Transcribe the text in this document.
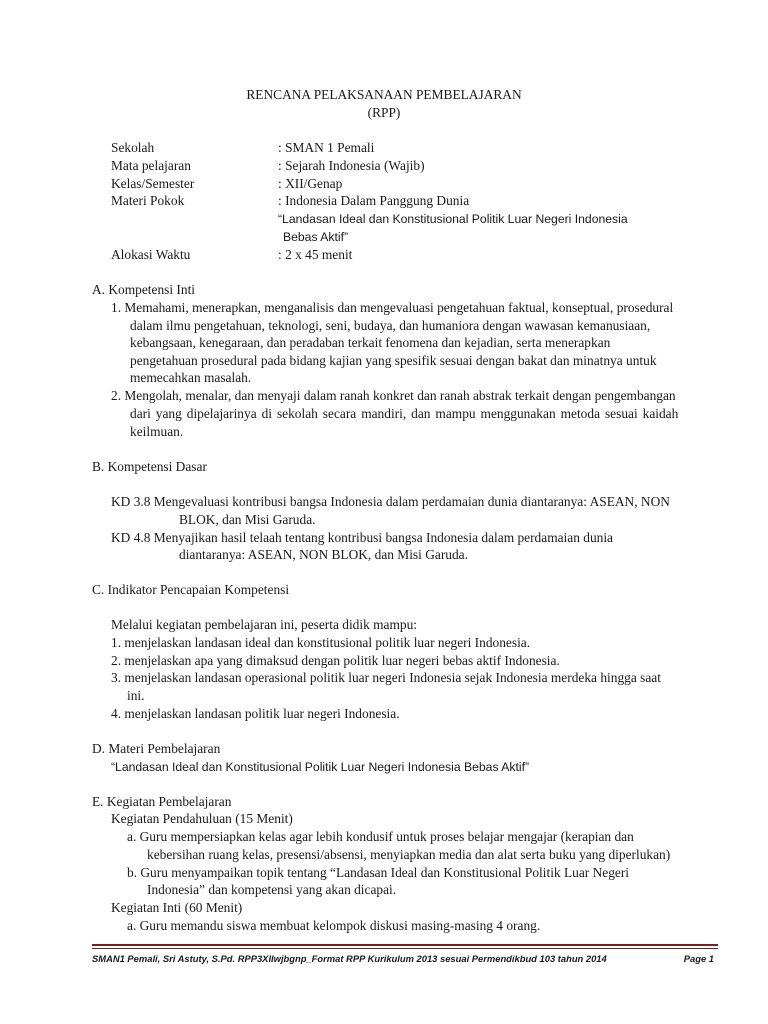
RENCANA PELAKSANAAN PEMBELAJARAN
(RPP)
Sekolah	: SMAN 1 Pemali
Mata pelajaran	: Sejarah Indonesia (Wajib)
Kelas/Semester	: XII/Genap
Materi Pokok	: Indonesia Dalam Panggung Dunia
“Landasan Ideal dan Konstitusional Politik Luar Negeri Indonesia
Bebas Aktif”
Alokasi Waktu	: 2 x 45 menit
A. Kompetensi Inti
1. Memahami, menerapkan, menganalisis dan mengevaluasi pengetahuan faktual, konseptual, prosedural
dalam ilmu pengetahuan, teknologi, seni, budaya, dan humaniora dengan wawasan kemanusiaan,
kebangsaan, kenegaraan, dan peradaban terkait fenomena dan kejadian, serta menerapkan
pengetahuan prosedural pada bidang kajian yang spesifik sesuai dengan bakat dan minatnya untuk
memecahkan masalah.
2. Mengolah, menalar, dan menyaji dalam ranah konkret dan ranah abstrak terkait dengan pengembangan
dari yang dipelajarinya di sekolah secara mandiri, dan mampu menggunakan metoda sesuai kaidah
keilmuan.
B. Kompetensi Dasar
KD 3.8 Mengevaluasi kontribusi bangsa Indonesia dalam perdamaian dunia diantaranya: ASEAN, NON
BLOK, dan Misi Garuda.
KD 4.8 Menyajikan hasil telaah tentang kontribusi bangsa Indonesia dalam perdamaian dunia
diantaranya: ASEAN, NON BLOK, dan Misi Garuda.
C. Indikator Pencapaian Kompetensi
Melalui kegiatan pembelajaran ini, peserta didik mampu:
1. menjelaskan landasan ideal dan konstitusional politik luar negeri Indonesia.
2. menjelaskan apa yang dimaksud dengan politik luar negeri bebas aktif Indonesia.
3. menjelaskan landasan operasional politik luar negeri Indonesia sejak Indonesia merdeka hingga saat
ini.
4. menjelaskan landasan politik luar negeri Indonesia.
D. Materi Pembelajaran
“Landasan Ideal dan Konstitusional Politik Luar Negeri Indonesia Bebas Aktif”
E. Kegiatan Pembelajaran
Kegiatan Pendahuluan (15 Menit)
a. Guru mempersiapkan kelas agar lebih kondusif untuk proses belajar mengajar (kerapian dan
kebersihan ruang kelas, presensi/absensi, menyiapkan media dan alat serta buku yang diperlukan)
b. Guru menyampaikan topik tentang “Landasan Ideal dan Konstitusional Politik Luar Negeri
Indonesia” dan kompetensi yang akan dicapai.
Kegiatan Inti (60 Menit)
a. Guru memandu siswa membuat kelompok diskusi masing-masing 4 orang.
SMAN1 Pemali, Sri Astuty, S.Pd. RPP3XIIwjbgnp_Format RPP Kurikulum 2013 sesuai Permendikbud 103 tahun 2014	Page 1
